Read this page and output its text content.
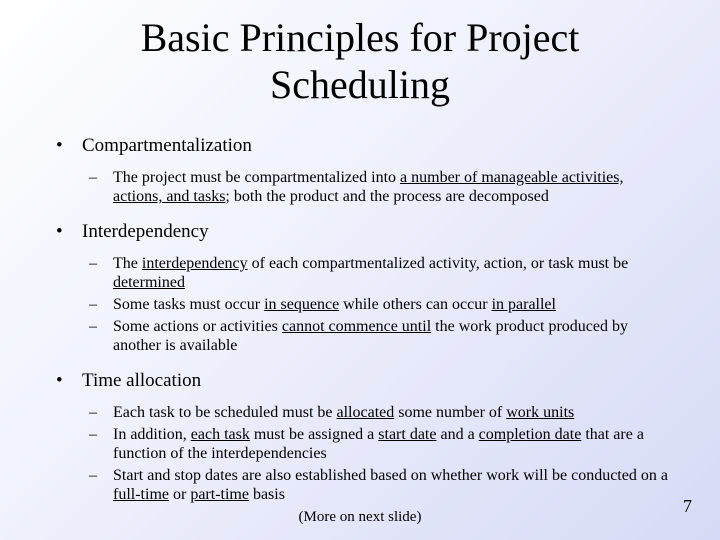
Basic Principles for Project
Scheduling
• Compartmentalization
– The project must be compartmentalized into a number of manageable activities, actions, and tasks; both the product and the process are decomposed
• Interdependency
– The interdependency of each compartmentalized activity, action, or task must be determined
– Some tasks must occur in sequence while others can occur in parallel
– Some actions or activities cannot commence until the work product produced by another is available
• Time allocation
– Each task to be scheduled must be allocated some number of work units
– In addition, each task must be assigned a start date and a completion date that are a function of the interdependencies
– Start and stop dates are also established based on whether work will be conducted on a full-time or part-time basis
(More on next slide)
7
